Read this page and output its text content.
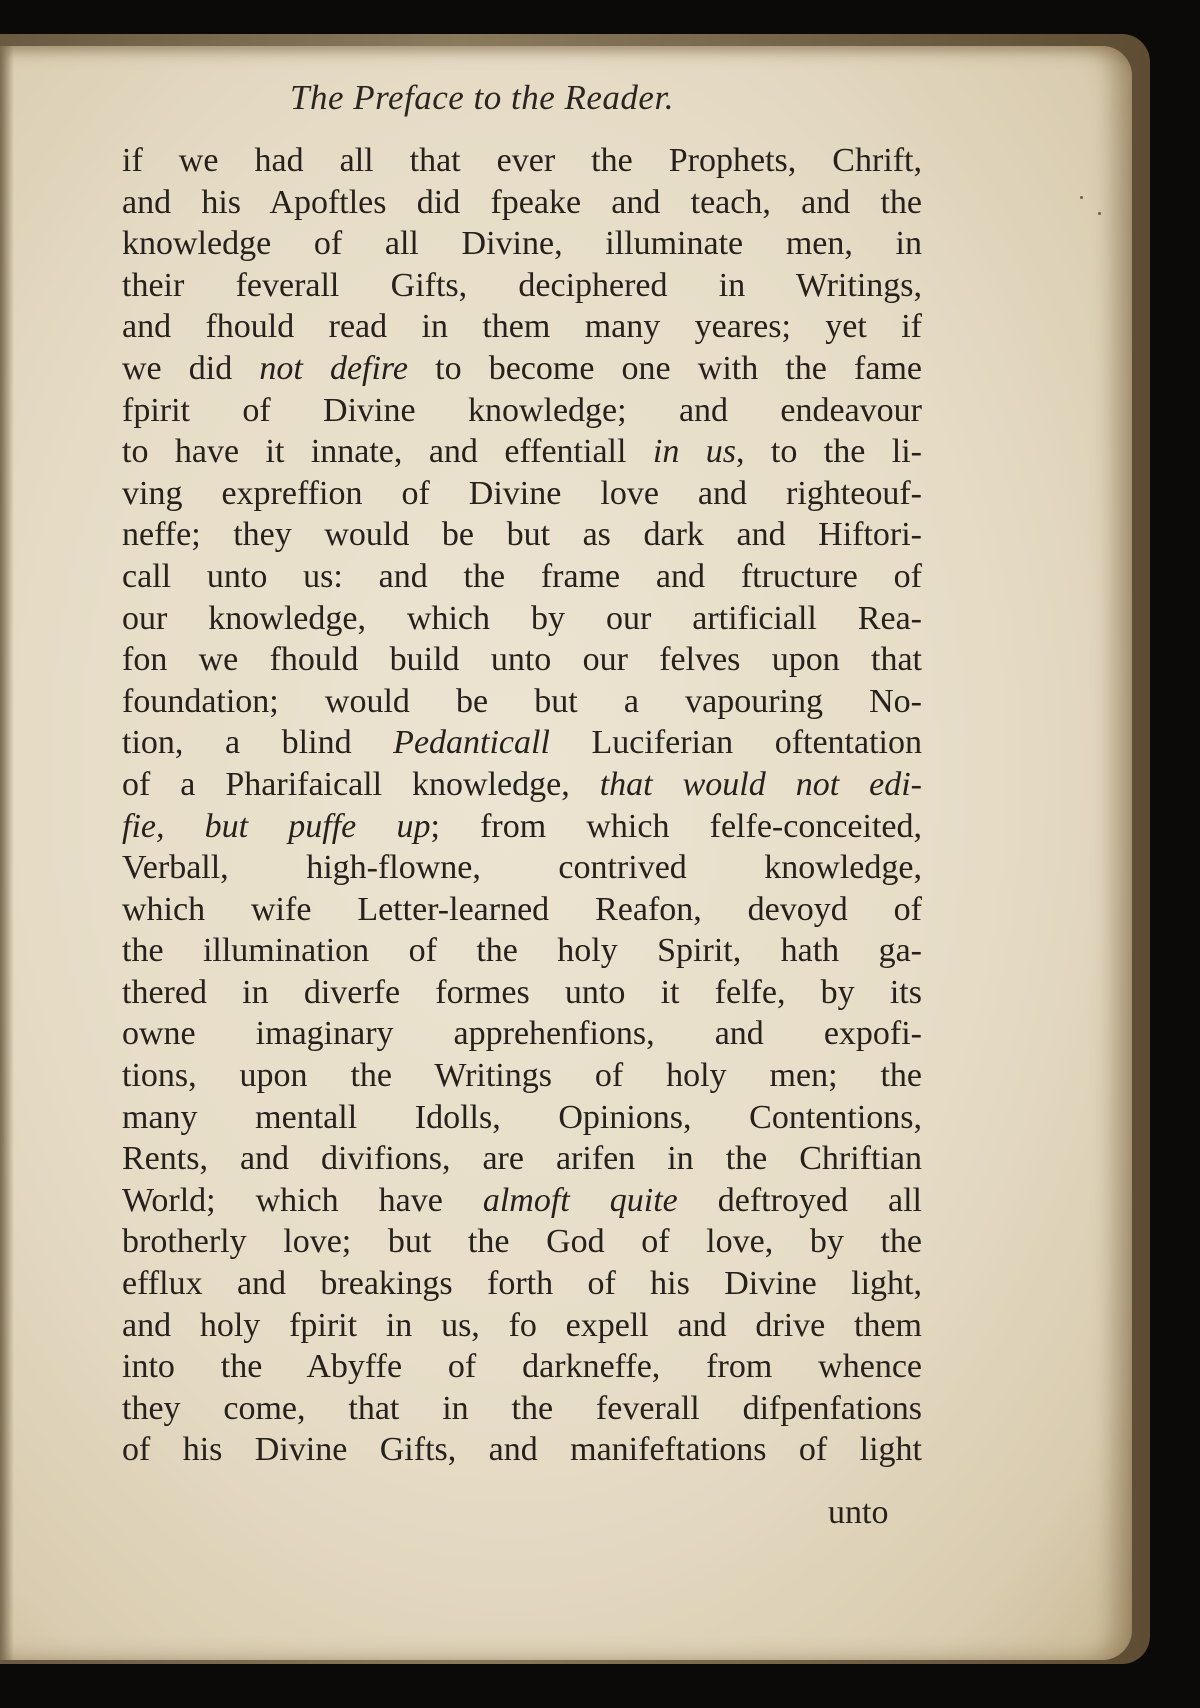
The Preface to the Reader.
if we had all that ever the Prophets, Chrift,
and his Apoftles did fpeake and teach, and the
knowledge of all Divine, illuminate men, in
their feverall Gifts, deciphered in Writings,
and fhould read in them many yeares; yet if
we did not defire to become one with the fame
fpirit of Divine knowledge; and endeavour
to have it innate, and effentiall in us, to the li-
ving expreffion of Divine love and righteouf-
neffe; they would be but as dark and Hiftori-
call unto us: and the frame and ftructure of
our knowledge, which by our artificiall Rea-
fon we fhould build unto our felves upon that
foundation; would be but a vapouring No-
tion, a blind Pedanticall Luciferian oftentation
of a Pharifaicall knowledge, that would not edi-
fie, but puffe up; from which felfe-conceited,
Verball, high-flowne, contrived knowledge,
which wife Letter-learned Reafon, devoyd of
the illumination of the holy Spirit, hath ga-
thered in diverfe formes unto it felfe, by its
owne imaginary apprehenfions, and expofi-
tions, upon the Writings of holy men; the
many mentall Idolls, Opinions, Contentions,
Rents, and divifions, are arifen in the Chriftian
World; which have almoft quite deftroyed all
brotherly love; but the God of love, by the
efflux and breakings forth of his Divine light,
and holy fpirit in us, fo expell and drive them
into the Abyffe of darkneffe, from whence
they come, that in the feverall difpenfations
of his Divine Gifts, and manifeftations of light
unto
